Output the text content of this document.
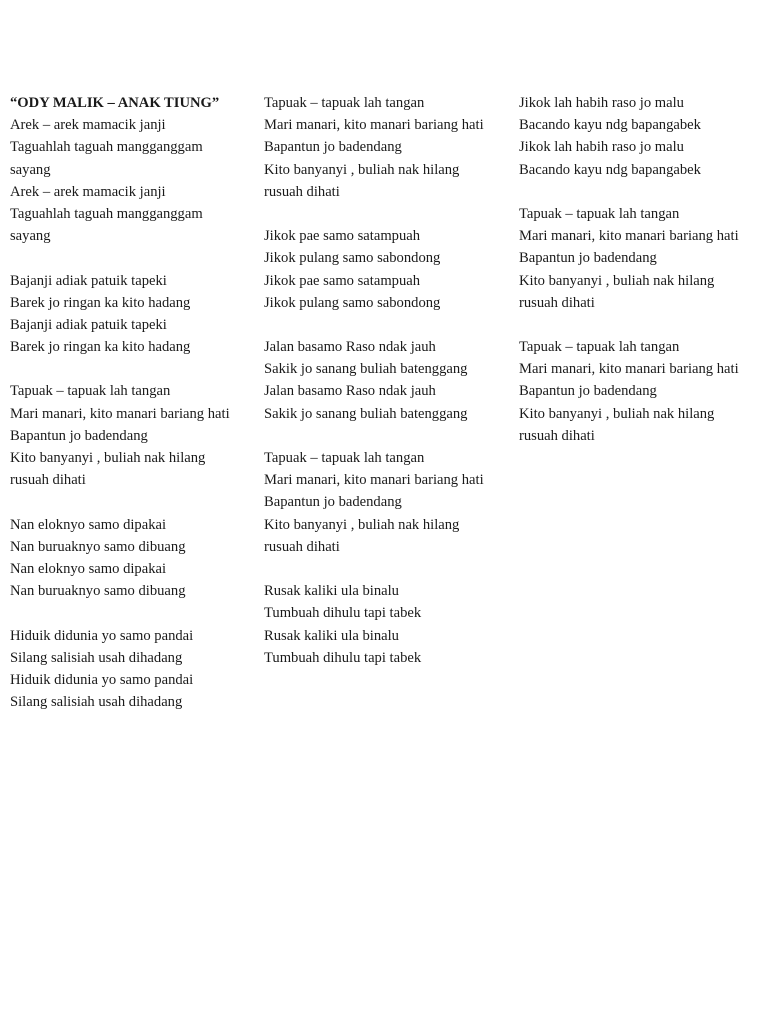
“ODY MALIK – ANAK TIUNG”
Arek – arek mamacik janji
Taguahlah taguah mangganggam
sayang
Arek – arek mamacik janji
Taguahlah taguah mangganggam
sayang
Bajanji adiak patuik tapeki
Barek jo ringan ka kito hadang
Bajanji adiak patuik tapeki
Barek jo ringan ka kito hadang
Tapuak – tapuak lah tangan
Mari manari, kito manari bariang hati
Bapantun jo badendang
Kito banyanyi , buliah nak hilang
rusuah dihati
Nan eloknyo samo dipakai
Nan buruaknyo samo dibuang
Nan eloknyo samo dipakai
Nan buruaknyo samo dibuang
Hiduik didunia yo samo pandai
Silang salisiah usah dihadang
Hiduik didunia yo samo pandai
Silang salisiah usah dihadang
Tapuak – tapuak lah tangan
Mari manari, kito manari bariang hati
Bapantun jo badendang
Kito banyanyi , buliah nak hilang
rusuah dihati
Jikok pae samo satampuah
Jikok pulang samo sabondong
Jikok pae samo satampuah
Jikok pulang samo sabondong
Jalan basamo Raso ndak jauh
Sakik jo sanang buliah batenggang
Jalan basamo Raso ndak jauh
Sakik jo sanang buliah batenggang
Tapuak – tapuak lah tangan
Mari manari, kito manari bariang hati
Bapantun jo badendang
Kito banyanyi , buliah nak hilang
rusuah dihati
Rusak kaliki ula binalu
Tumbuah dihulu tapi tabek
Rusak kaliki ula binalu
Tumbuah dihulu tapi tabek
Jikok lah habih raso jo malu
Bacando kayu ndg bapangabek
Jikok lah habih raso jo malu
Bacando kayu ndg bapangabek
Tapuak – tapuak lah tangan
Mari manari, kito manari bariang hati
Bapantun jo badendang
Kito banyanyi , buliah nak hilang
rusuah dihati
Tapuak – tapuak lah tangan
Mari manari, kito manari bariang hati
Bapantun jo badendang
Kito banyanyi , buliah nak hilang
rusuah dihati
